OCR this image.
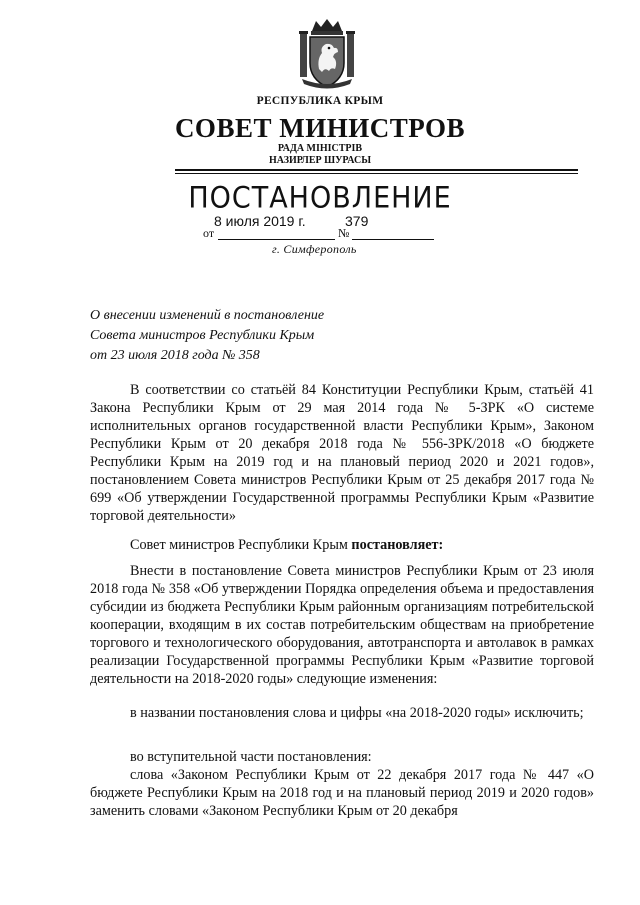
РЕСПУБЛИКА КРЫМ
СОВЕТ МИНИСТРОВ
РАДА МІНІСТРІВ
НАЗИРЛЕР ШУРАСЫ
ПОСТАНОВЛЕНИЕ
8 июля 2019 г.	379
от	№
г. Симферополь
О внесении изменений в постановление
Совета министров Республики Крым
от 23 июля 2018 года № 358
В соответствии со статьёй 84 Конституции Республики Крым, статьёй 41 Закона Республики Крым от 29 мая 2014 года № 5-ЗРК «О системе исполнительных органов государственной власти Республики Крым», Законом Республики Крым от 20 декабря 2018 года № 556-ЗРК/2018 «О бюджете Республики Крым на 2019 год и на плановый период 2020 и 2021 годов», постановлением Совета министров Республики Крым от 25 декабря 2017 года № 699 «Об утверждении Государственной программы Республики Крым «Развитие торговой деятельности»
Совет министров Республики Крым постановляет:
Внести в постановление Совета министров Республики Крым от 23 июля 2018 года № 358 «Об утверждении Порядка определения объема и предоставления субсидии из бюджета Республики Крым районным организациям потребительской кооперации, входящим в их состав потребительским обществам на приобретение торгового и технологического оборудования, автотранспорта и автолавок в рамках реализации Государственной программы Республики Крым «Развитие торговой деятельности на 2018-2020 годы» следующие изменения:
в названии постановления слова и цифры «на 2018-2020 годы» исключить;
во вступительной части постановления:
слова «Законом Республики Крым от 22 декабря 2017 года № 447 «О бюджете Республики Крым на 2018 год и на плановый период 2019 и 2020 годов» заменить словами «Законом Республики Крым от 20 декабря
